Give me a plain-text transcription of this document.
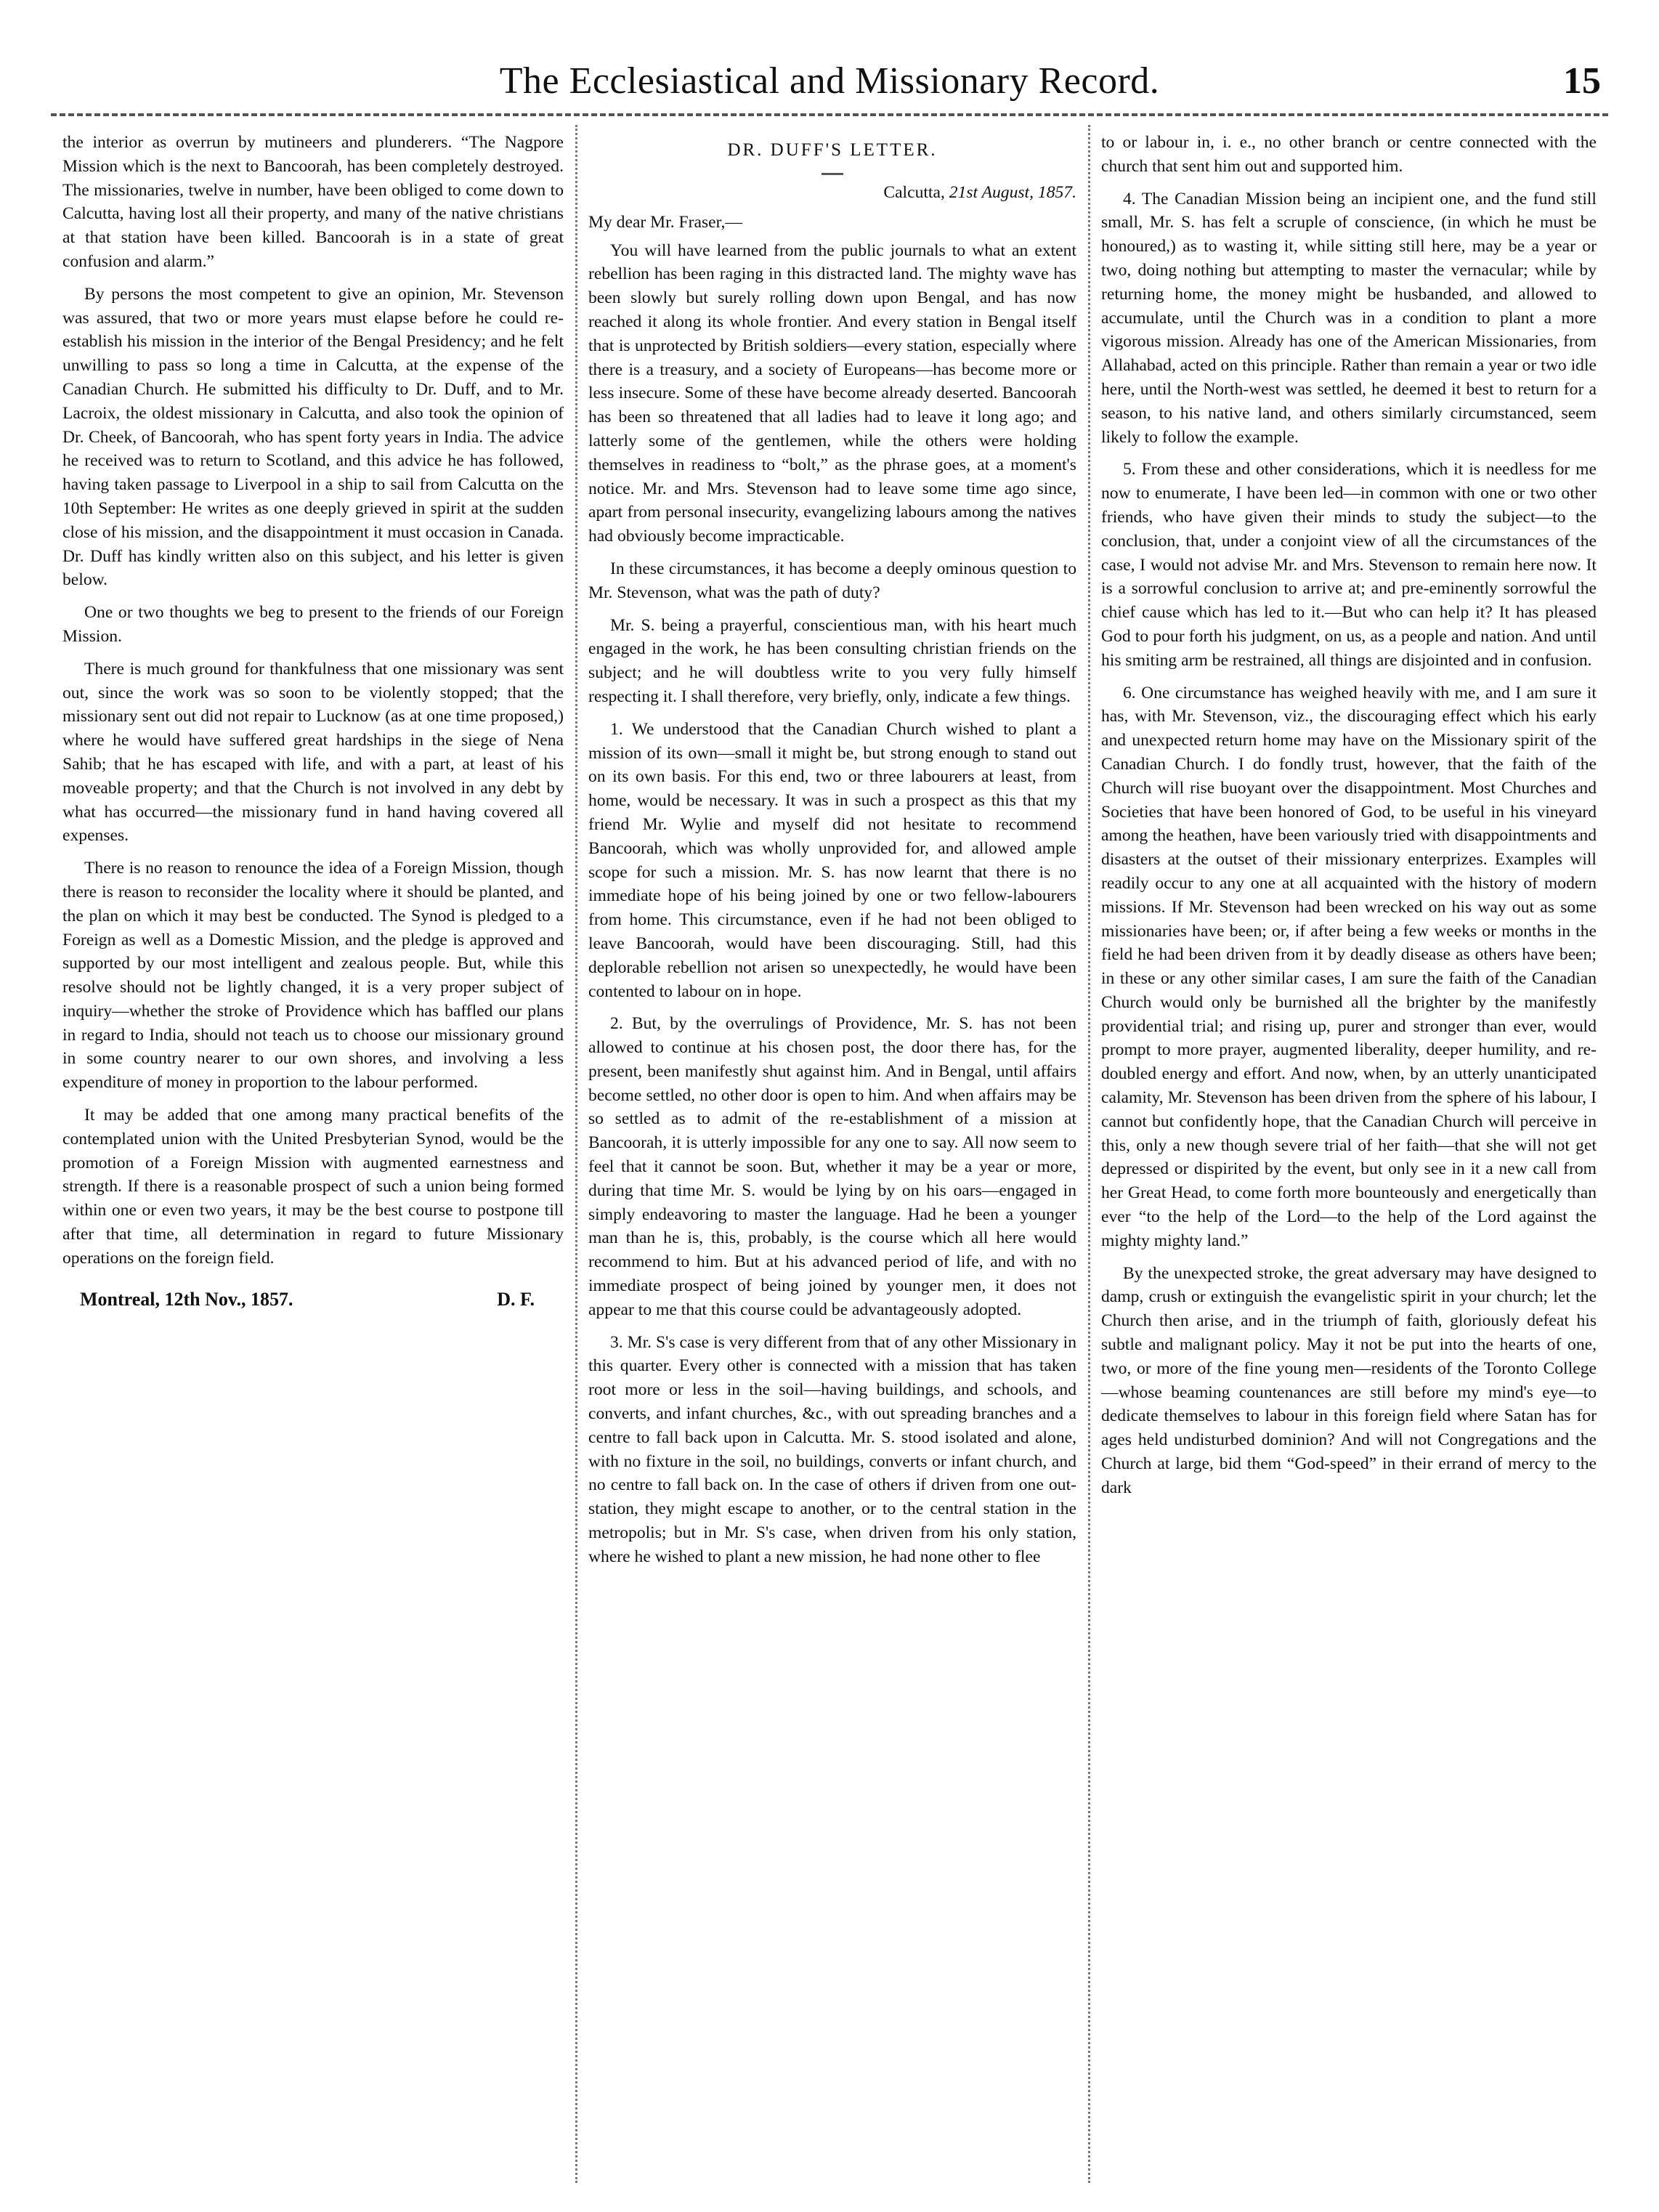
The Ecclesiastical and Missionary Record.	15

the interior as overrun by mutineers and plunderers. “The Nagpore Mission which is the next to Bancoorah, has been completely destroyed. The missionaries, twelve in number, have been obliged to come down to Calcutta, having lost all their property, and many of the native christians at that station have been killed. Bancoorah is in a state of great confusion and alarm.”

By persons the most competent to give an opinion, Mr. Stevenson was assured, that two or more years must elapse before he could re-establish his mission in the interior of the Bengal Presidency; and he felt unwilling to pass so long a time in Calcutta, at the expense of the Canadian Church. He submitted his difficulty to Dr. Duff, and to Mr. Lacroix, the oldest missionary in Calcutta, and also took the opinion of Dr. Cheek, of Bancoorah, who has spent forty years in India. The advice he received was to return to Scotland, and this advice he has followed, having taken passage to Liverpool in a ship to sail from Calcutta on the 10th September: He writes as one deeply grieved in spirit at the sudden close of his mission, and the disappointment it must occasion in Canada. Dr. Duff has kindly written also on this subject, and his letter is given below.

One or two thoughts we beg to present to the friends of our Foreign Mission.

There is much ground for thankfulness that one missionary was sent out, since the work was so soon to be violently stopped; that the missionary sent out did not repair to Lucknow (as at one time proposed,) where he would have suffered great hardships in the siege of Nena Sahib; that he has escaped with life, and with a part, at least of his moveable property; and that the Church is not involved in any debt by what has occurred—the missionary fund in hand having covered all expenses.

There is no reason to renounce the idea of a Foreign Mission, though there is reason to reconsider the locality where it should be planted, and the plan on which it may best be conducted. The Synod is pledged to a Foreign as well as a Domestic Mission, and the pledge is approved and supported by our most intelligent and zealous people. But, while this resolve should not be lightly changed, it is a very proper subject of inquiry—whether the stroke of Providence which has baffled our plans in regard to India, should not teach us to choose our missionary ground in some country nearer to our own shores, and involving a less expenditure of money in proportion to the labour performed.

It may be added that one among many practical benefits of the contemplated union with the United Presbyterian Synod, would be the promotion of a Foreign Mission with augmented earnestness and strength. If there is a reasonable prospect of such a union being formed within one or even two years, it may be the best course to postpone till after that time, all determination in regard to future Missionary operations on the foreign field.

Montreal, 12th Nov., 1857.	D. F.
DR. DUFF'S LETTER.
Calcutta, 21st August, 1857.
My dear Mr. Fraser,—

You will have learned from the public journals to what an extent rebellion has been raging in this distracted land. The mighty wave has been slowly but surely rolling down upon Bengal, and has now reached it along its whole frontier. And every station in Bengal itself that is unprotected by British soldiers—every station, especially where there is a treasury, and a society of Europeans—has become more or less insecure. Some of these have become already deserted. Bancoorah has been so threatened that all ladies had to leave it long ago; and latterly some of the gentlemen, while the others were holding themselves in readiness to “bolt,” as the phrase goes, at a moment's notice. Mr. and Mrs. Stevenson had to leave some time ago since, apart from personal insecurity, evangelizing labours among the natives had obviously become impracticable.

In these circumstances, it has become a deeply ominous question to Mr. Stevenson, what was the path of duty?

Mr. S. being a prayerful, conscientious man, with his heart much engaged in the work, he has been consulting christian friends on the subject; and he will doubtless write to you very fully himself respecting it. I shall therefore, very briefly, only, indicate a few things.

1. We understood that the Canadian Church wished to plant a mission of its own—small it might be, but strong enough to stand out on its own basis. For this end, two or three labourers at least, from home, would be necessary. It was in such a prospect as this that my friend Mr. Wylie and myself did not hesitate to recommend Bancoorah, which was wholly unprovided for, and allowed ample scope for such a mission. Mr. S. has now learnt that there is no immediate hope of his being joined by one or two fellow-labourers from home. This circumstance, even if he had not been obliged to leave Bancoorah, would have been discouraging. Still, had this deplorable rebellion not arisen so unexpectedly, he would have been contented to labour on in hope.

2. But, by the overrulings of Providence, Mr. S. has not been allowed to continue at his chosen post, the door there has, for the present, been manifestly shut against him. And in Bengal, until affairs become settled, no other door is open to him. And when affairs may be so settled as to admit of the re-establishment of a mission at Bancoorah, it is utterly impossible for any one to say. All now seem to feel that it cannot be soon. But, whether it may be a year or more, during that time Mr. S. would be lying by on his oars—engaged in simply endeavoring to master the language. Had he been a younger man than he is, this, probably, is the course which all here would recommend to him. But at his advanced period of life, and with no immediate prospect of being joined by younger men, it does not appear to me that this course could be advantageously adopted.

3. Mr. S's case is very different from that of any other Missionary in this quarter. Every other is connected with a mission that has taken root more or less in the soil—having buildings, and schools, and converts, and infant churches, &c., with out spreading branches and a centre to fall back upon in Calcutta. Mr. S. stood isolated and alone, with no fixture in the soil, no buildings, converts or infant church, and no centre to fall back on. In the case of others if driven from one out-station, they might escape to another, or to the central station in the metropolis; but in Mr. S's case, when driven from his only station, where he wished to plant a new mission, he had none other to flee

to or labour in, i. e., no other branch or centre connected with the church that sent him out and supported him.

4. The Canadian Mission being an incipient one, and the fund still small, Mr. S. has felt a scruple of conscience, (in which he must be honoured,) as to wasting it, while sitting still here, may be a year or two, doing nothing but attempting to master the vernacular; while by returning home, the money might be husbanded, and allowed to accumulate, until the Church was in a condition to plant a more vigorous mission. Already has one of the American Missionaries, from Allahabad, acted on this principle. Rather than remain a year or two idle here, until the North-west was settled, he deemed it best to return for a season, to his native land, and others similarly circumstanced, seem likely to follow the example.

5. From these and other considerations, which it is needless for me now to enumerate, I have been led—in common with one or two other friends, who have given their minds to study the subject—to the conclusion, that, under a conjoint view of all the circumstances of the case, I would not advise Mr. and Mrs. Stevenson to remain here now. It is a sorrowful conclusion to arrive at; and pre-eminently sorrowful the chief cause which has led to it.—But who can help it? It has pleased God to pour forth his judgment, on us, as a people and nation. And until his smiting arm be restrained, all things are disjointed and in confusion.

6. One circumstance has weighed heavily with me, and I am sure it has, with Mr. Stevenson, viz., the discouraging effect which his early and unexpected return home may have on the Missionary spirit of the Canadian Church. I do fondly trust, however, that the faith of the Church will rise buoyant over the disappointment. Most Churches and Societies that have been honored of God, to be useful in his vineyard among the heathen, have been variously tried with disappointments and disasters at the outset of their missionary enterprizes. Examples will readily occur to any one at all acquainted with the history of modern missions. If Mr. Stevenson had been wrecked on his way out as some missionaries have been; or, if after being a few weeks or months in the field he had been driven from it by deadly disease as others have been; in these or any other similar cases, I am sure the faith of the Canadian Church would only be burnished all the brighter by the manifestly providential trial; and rising up, purer and stronger than ever, would prompt to more prayer, augmented liberality, deeper humility, and re-doubled energy and effort. And now, when, by an utterly unanticipated calamity, Mr. Stevenson has been driven from the sphere of his labour, I cannot but confidently hope, that the Canadian Church will perceive in this, only a new though severe trial of her faith—that she will not get depressed or dispirited by the event, but only see in it a new call from her Great Head, to come forth more bounteously and energetically than ever “to the help of the Lord—to the help of the Lord against the mighty mighty land.”

By the unexpected stroke, the great adversary may have designed to damp, crush or extinguish the evangelistic spirit in your church; let the Church then arise, and in the triumph of faith, gloriously defeat his subtle and malignant policy. May it not be put into the hearts of one, two, or more of the fine young men—residents of the Toronto College—whose beaming countenances are still before my mind's eye—to dedicate themselves to labour in this foreign field where Satan has for ages held undisturbed dominion? And will not Congregations and the Church at large, bid them “God-speed” in their errand of mercy to the dark
